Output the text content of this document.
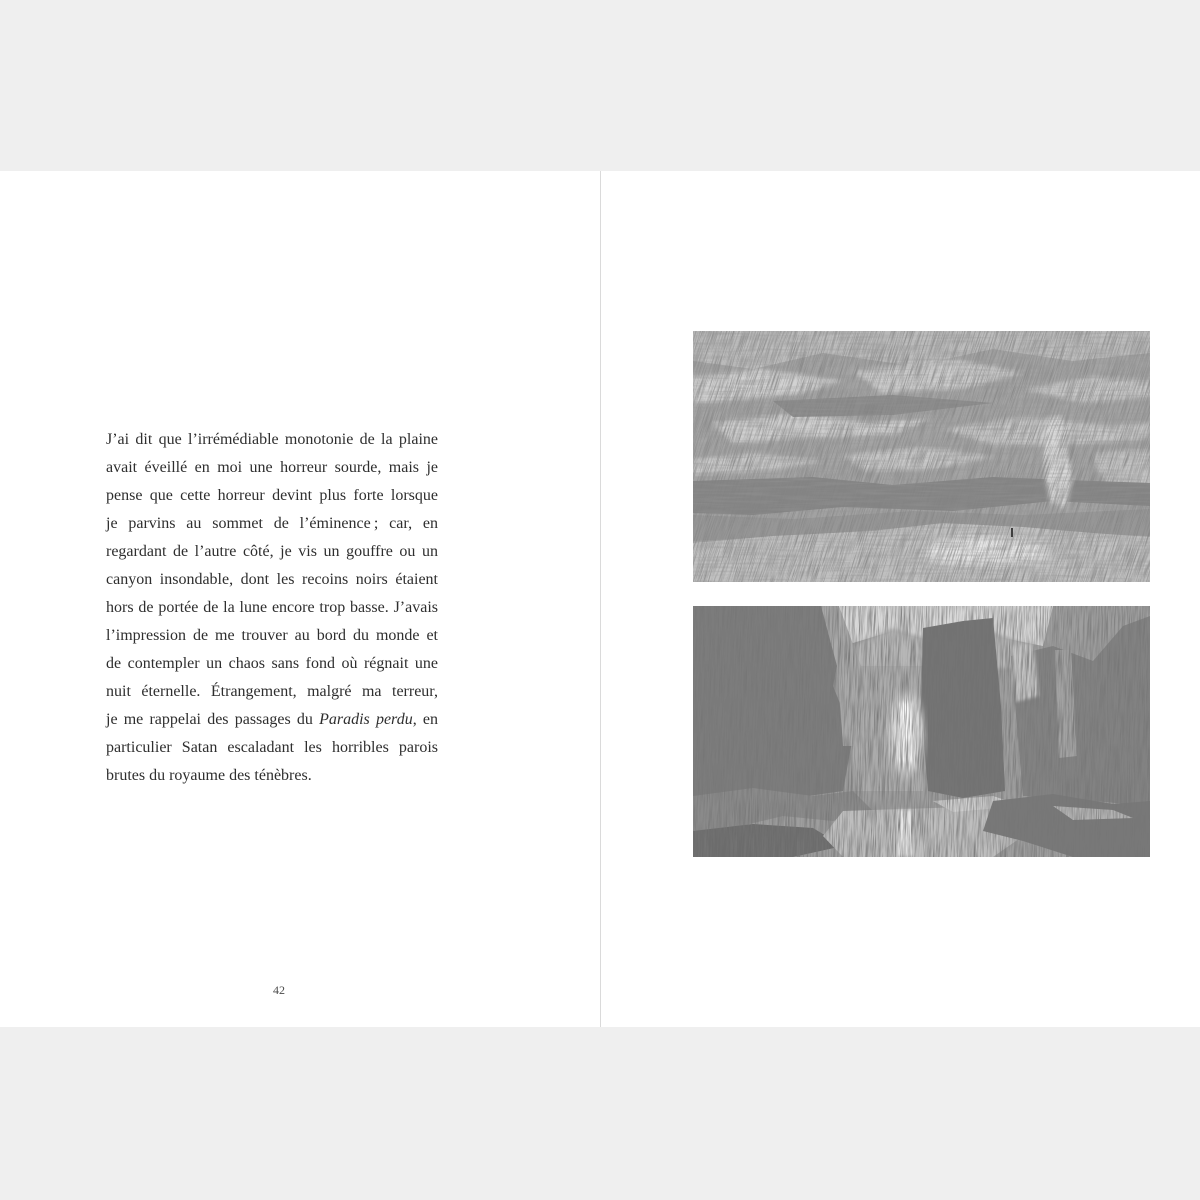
J’ai dit que l’irrémédiable monotonie de la plaine
avait éveillé en moi une horreur sourde, mais je
pense que cette horreur devint plus forte lorsque
je parvins au sommet de l’éminence ; car, en
regardant de l’autre côté, je vis un gouffre ou un
canyon insondable, dont les recoins noirs étaient
hors de portée de la lune encore trop basse. J’avais
l’impression de me trouver au bord du monde et
de contempler un chaos sans fond où régnait une
nuit éternelle. Étrangement, malgré ma terreur,
je me rappelai des passages du Paradis perdu, en
particulier Satan escaladant les horribles parois
brutes du royaume des ténèbres.
42
